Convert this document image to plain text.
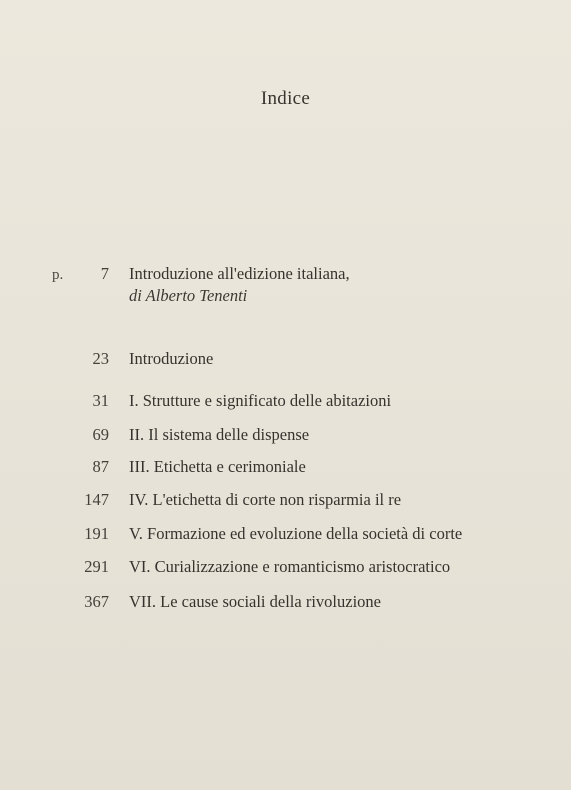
Indice
p.	7 Introduzione all'edizione italiana,
di Alberto Tenenti
23 Introduzione
31 I. Strutture e significato delle abitazioni
69 II. Il sistema delle dispense
87 III. Etichetta e cerimoniale
147 IV. L'etichetta di corte non risparmia il re
191 V. Formazione ed evoluzione della società di corte
291 VI. Curializzazione e romanticismo aristocratico
367 VII. Le cause sociali della rivoluzione
